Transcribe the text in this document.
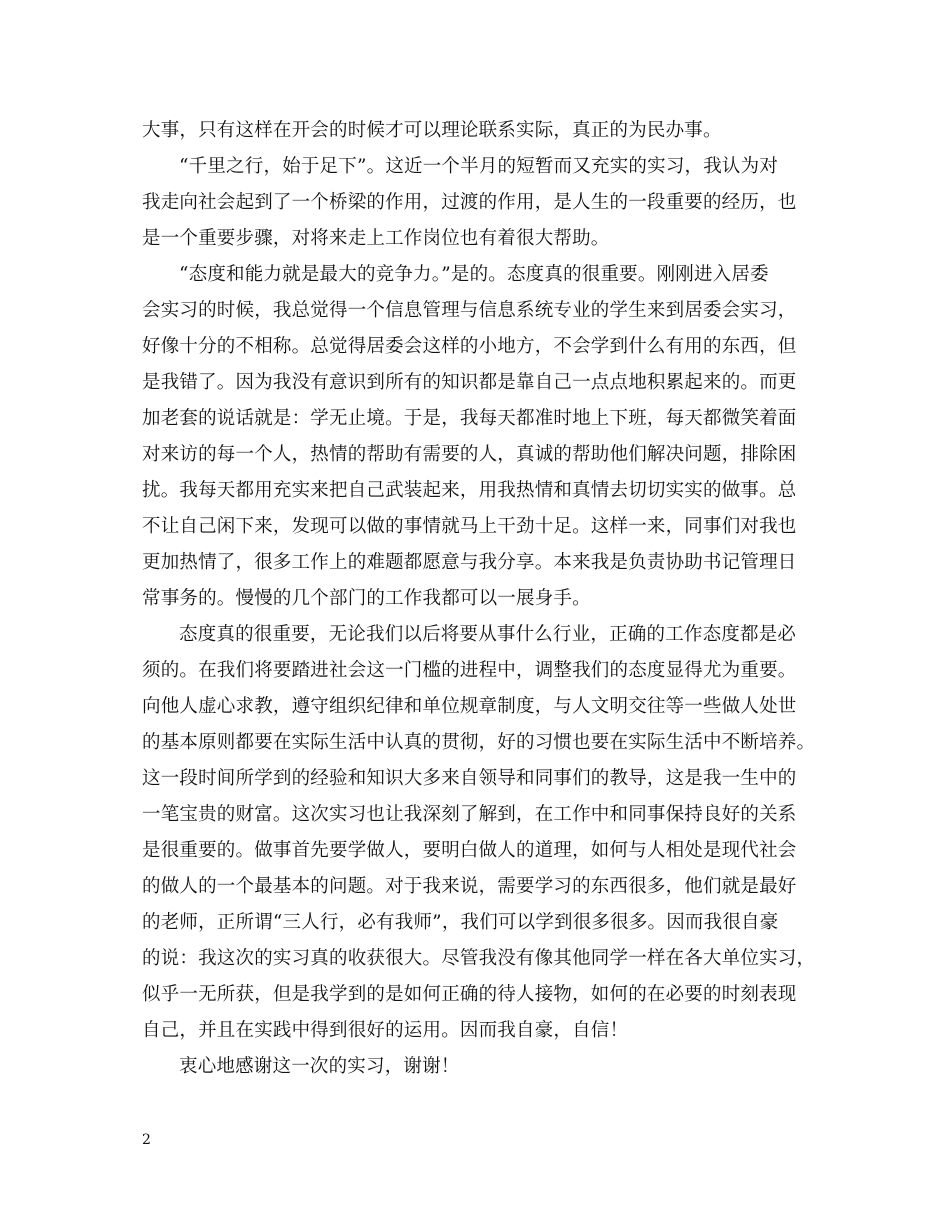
大事，只有这样在开会的时候才可以理论联系实际，真正的为民办事。
“千里之行，始于足下”。这近一个半月的短暂而又充实的实习，我认为对
我走向社会起到了一个桥梁的作用，过渡的作用，是人生的一段重要的经历，也
是一个重要步骤，对将来走上工作岗位也有着很大帮助。
“态度和能力就是最大的竞争力。”是的。态度真的很重要。刚刚进入居委
会实习的时候，我总觉得一个信息管理与信息系统专业的学生来到居委会实习，
好像十分的不相称。总觉得居委会这样的小地方，不会学到什么有用的东西，但
是我错了。因为我没有意识到所有的知识都是靠自己一点点地积累起来的。而更
加老套的说话就是：学无止境。于是，我每天都准时地上下班，每天都微笑着面
对来访的每一个人，热情的帮助有需要的人，真诚的帮助他们解决问题，排除困
扰。我每天都用充实来把自己武装起来，用我热情和真情去切切实实的做事。总
不让自己闲下来，发现可以做的事情就马上干劲十足。这样一来，同事们对我也
更加热情了，很多工作上的难题都愿意与我分享。本来我是负责协助书记管理日
常事务的。慢慢的几个部门的工作我都可以一展身手。
态度真的很重要，无论我们以后将要从事什么行业，正确的工作态度都是必
须的。在我们将要踏进社会这一门槛的进程中，调整我们的态度显得尤为重要。
向他人虚心求教，遵守组织纪律和单位规章制度，与人文明交往等一些做人处世
的基本原则都要在实际生活中认真的贯彻，好的习惯也要在实际生活中不断培养。
这一段时间所学到的经验和知识大多来自领导和同事们的教导，这是我一生中的
一笔宝贵的财富。这次实习也让我深刻了解到，在工作中和同事保持良好的关系
是很重要的。做事首先要学做人，要明白做人的道理，如何与人相处是现代社会
的做人的一个最基本的问题。对于我来说，需要学习的东西很多，他们就是最好
的老师，正所谓“三人行，必有我师”，我们可以学到很多很多。因而我很自豪
的说：我这次的实习真的收获很大。尽管我没有像其他同学一样在各大单位实习，
似乎一无所获，但是我学到的是如何正确的待人接物，如何的在必要的时刻表现
自己，并且在实践中得到很好的运用。因而我自豪，自信！
衷心地感谢这一次的实习，谢谢！
2
